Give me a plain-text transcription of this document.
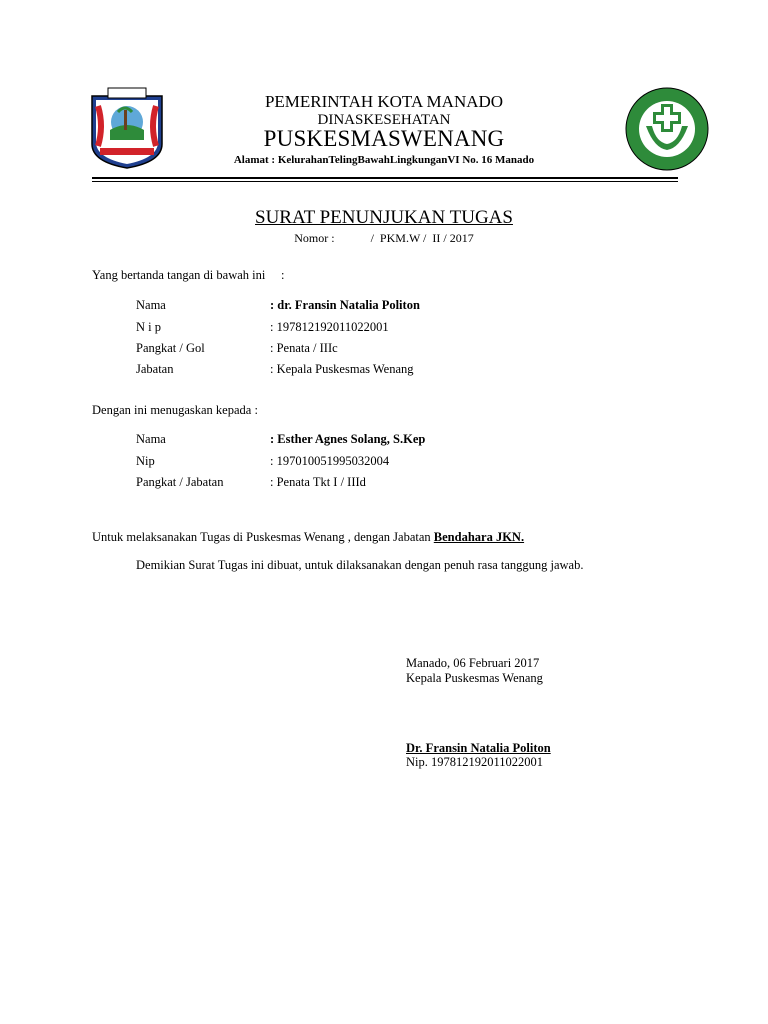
PEMERINTAH KOTA MANADO
DINASKESEHATAN
PUSKESMASWENANG
Alamat : KelurahanTelingBawahLingkunganVI No. 16 Manado
SURAT PENUNJUKAN TUGAS
Nomor :            /  PKM.W /  II / 2017
Yang bertanda tangan di bawah ini     :
Nama	: dr. Fransin Natalia Politon
N i p	: 197812192011022001
Pangkat / Gol	: Penata / IIIc
Jabatan	: Kepala Puskesmas Wenang
Dengan ini menugaskan kepada :
Nama	: Esther Agnes Solang, S.Kep
Nip	: 197010051995032004
Pangkat / Jabatan	: Penata Tkt I / IIId
Untuk melaksanakan Tugas di Puskesmas Wenang , dengan Jabatan Bendahara JKN.
Demikian Surat Tugas ini dibuat, untuk dilaksanakan dengan penuh rasa tanggung jawab.
Manado, 06 Februari 2017
Kepala Puskesmas Wenang
Dr. Fransin Natalia Politon
Nip. 197812192011022001
